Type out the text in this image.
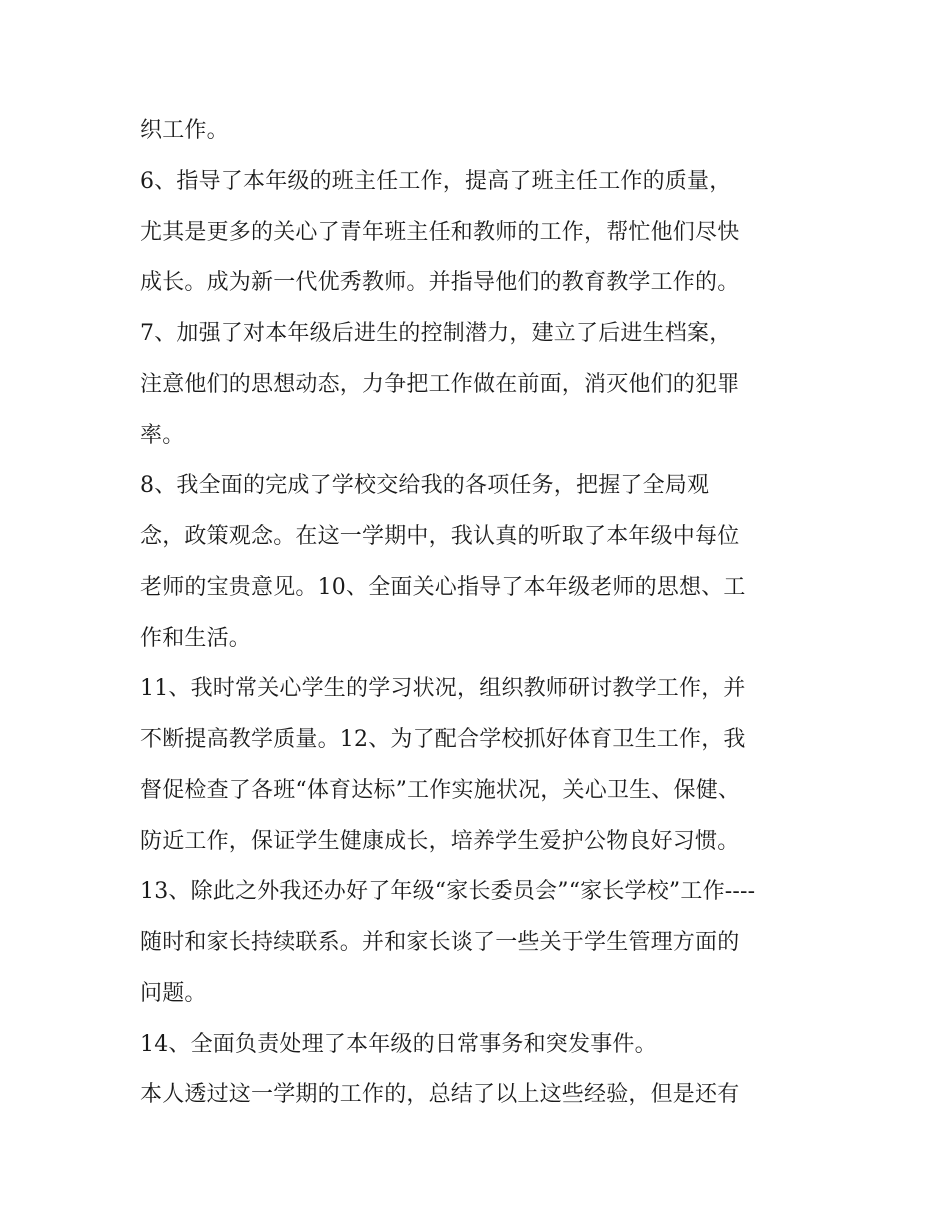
织工作。
6、指导了本年级的班主任工作，提高了班主任工作的质量，
尤其是更多的关心了青年班主任和教师的工作，帮忙他们尽快
成长。成为新一代优秀教师。并指导他们的教育教学工作的。
7、加强了对本年级后进生的控制潜力，建立了后进生档案，
注意他们的思想动态，力争把工作做在前面，消灭他们的犯罪
率。
8、我全面的完成了学校交给我的各项任务，把握了全局观
念，政策观念。在这一学期中，我认真的听取了本年级中每位
老师的宝贵意见。10、全面关心指导了本年级老师的思想、工
作和生活。
11、我时常关心学生的学习状况，组织教师研讨教学工作，并
不断提高教学质量。12、为了配合学校抓好体育卫生工作，我
督促检查了各班“体育达标”工作实施状况，关心卫生、保健、
防近工作，保证学生健康成长，培养学生爱护公物良好习惯。
13、除此之外我还办好了年级“家长委员会”“家长学校”工作----
随时和家长持续联系。并和家长谈了一些关于学生管理方面的
问题。
14、全面负责处理了本年级的日常事务和突发事件。
本人透过这一学期的工作的，总结了以上这些经验，但是还有
